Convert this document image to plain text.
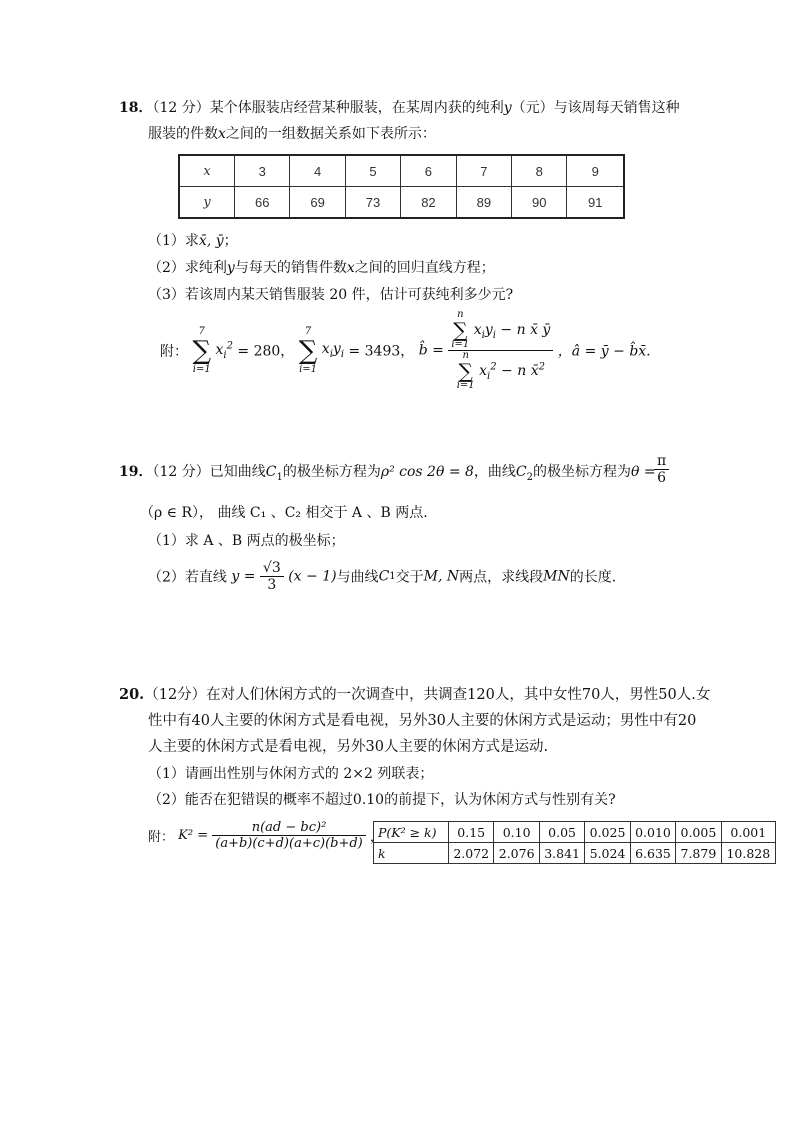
18．（12 分）某个体服装店经营某种服装，在某周内获的纯利y（元）与该周每天销售这种
服装的件数x之间的一组数据关系如下表所示：
x	3	4	5	6	7	8	9
y	66	69	73	82	89	90	91
（1）求x̄, ȳ；
（2）求纯利y与每天的销售件数x之间的回归直线方程；
（3）若该周内某天销售服装 20 件，估计可获纯利多少元?
附：
7
∑
i=1
$x_i^2 = 280$，
7
∑
i=1
$x_iy_i = 3493$， b̂ = n
∑
i=1
$x_iy_i - n$ x̄ ȳ
n
∑
i=1
$x_i^2 - n$ x̄$^2$ ，â = ȳ − b̂x̄.
19．（12 分）已知曲线$C_1$的极坐标方程为ρ² cos 2θ = 8，曲线$C_2$的极坐标方程为θ =
$\frac{\pi}{6}$
（ρ ∈ R）， 曲线 C₁ 、C₂ 相交于 A 、B 两点.
（1）求 A 、B 两点的极坐标；
（2）若直线 $y = \frac{√3}{3} (x - 1)$与曲线C1交于M, N两点，求线段MN的长度.
20.（12分）在对人们休闲方式的一次调查中，共调查120人，其中女性70人，男性50人.女
性中有40人主要的休闲方式是看电视，另外30人主要的休闲方式是运动；男性中有20
人主要的休闲方式是看电视，另外30人主要的休闲方式是运动.
（1）请画出性别与休闲方式的 2×2 列联表；
（2）能否在犯错误的概率不超过0.10的前提下，认为休闲方式与性别有关?
附： $K^2 = \frac{\text{n(ad − bc)²}}{(a+b)(c+d)(a+c)(b+d)}$ ，
P(K² ≥ k)	0.15	0.10	0.05	0.025	0.010	0.005	0.001
k	2.072	2.076	3.841	5.024	6.635	7.879	10.828
